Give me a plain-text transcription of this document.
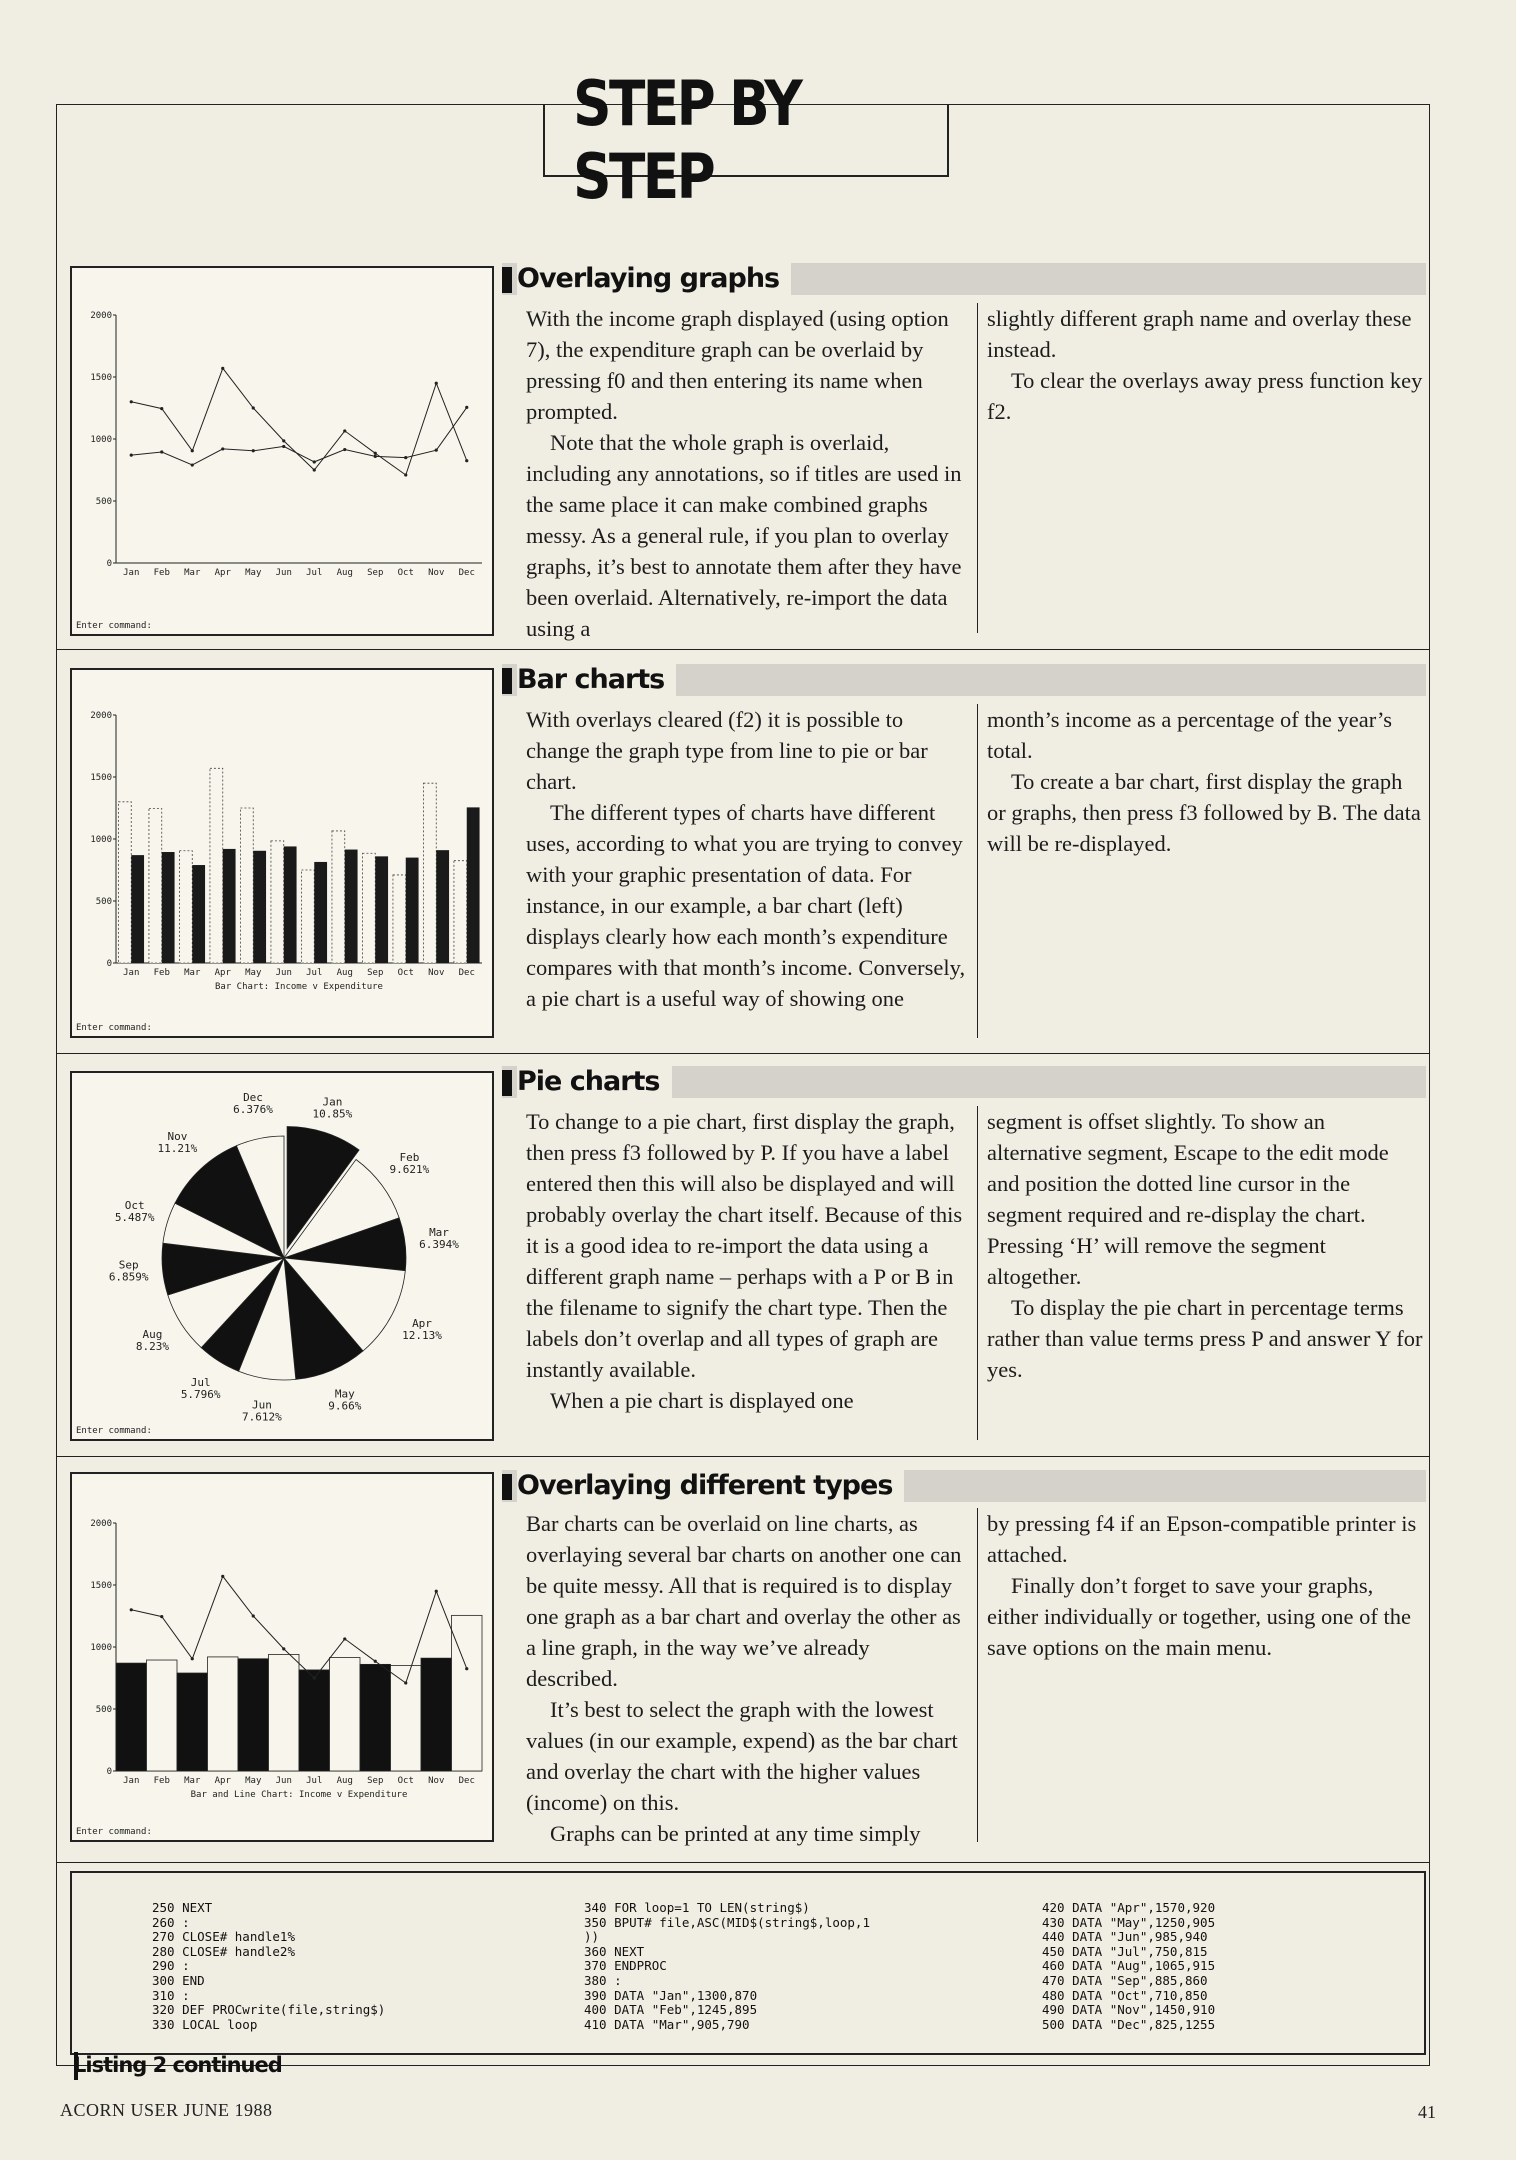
STEP BY STEP
0
500
1000
1500
2000
Jan Feb Mar Apr May Jun Jul Aug Sep Oct Nov Dec
Enter command:
Overlaying graphs

With the income graph displayed (using option 7), the expenditure graph can be overlaid by pressing f0 and then entering its name when prompted.

Note that the whole graph is overlaid, including any annotations, so if titles are used in the same place it can make combined graphs messy. As a general rule, if you plan to overlay graphs, it’s best to annotate them after they have been overlaid. Alternatively, re-import the data using a

slightly different graph name and overlay these instead.

To clear the overlays away press function key f2.

0
500
1000
1500
2000
Jan Feb Mar Apr May Jun Jul Aug Sep Oct Nov Dec
Bar Chart: Income v Expenditure
Enter command:
Bar charts

With overlays cleared (f2) it is possible to change the graph type from line to pie or bar chart.

The different types of charts have different uses, according to what you are trying to convey with your graphic presentation of data. For instance, in our example, a bar chart (left) displays clearly how each month’s expenditure compares with that month’s income. Conversely, a pie chart is a useful way of showing one

month’s income as a percentage of the year’s total.

To create a bar chart, first display the graph or graphs, then press f3 followed by B. The data will be re-displayed.

Jan
10.85%
Feb
9.621%
Mar
6.394%
Apr
12.13%
May
9.66%
Jun
7.612%
Jul
5.796%
Aug
8.23%
Sep
6.859%
Oct
5.487%
Nov
11.21%
Dec
6.376%
Enter command:
Pie charts

To change to a pie chart, first display the graph, then press f3 followed by P. If you have a label entered then this will also be displayed and will probably overlay the chart itself. Because of this it is a good idea to re-import the data using a different graph name – perhaps with a P or B in the filename to signify the chart type. Then the labels don’t overlap and all types of graph are instantly available.

When a pie chart is displayed one

segment is offset slightly. To show an alternative segment, Escape to the edit mode and position the dotted line cursor in the segment required and re-display the chart. Pressing ‘H’ will remove the segment altogether.

To display the pie chart in percentage terms rather than value terms press P and answer Y for yes.

0
500
1000
1500
2000
Jan Feb Mar Apr May Jun Jul Aug Sep Oct Nov Dec
Bar and Line Chart: Income v Expenditure
Enter command:
Overlaying different types

Bar charts can be overlaid on line charts, as overlaying several bar charts on another one can be quite messy. All that is required is to display one graph as a bar chart and overlay the other as a line graph, in the way we’ve already described.

It’s best to select the graph with the lowest values (in our example, expend) as the bar chart and overlay the chart with the higher values (income) on this.

Graphs can be printed at any time simply

by pressing f4 if an Epson-compatible printer is attached.

Finally don’t forget to save your graphs, either individually or together, using one of the save options on the main menu.

250 NEXT
260 :
270 CLOSE# handle1%
280 CLOSE# handle2%
290 :
300 END
310 :
320 DEF PROCwrite(file,string$)
330 LOCAL loop
340 FOR loop=1 TO LEN(string$)
350 BPUT# file,ASC(MID$(string$,loop,1
))
360 NEXT
370 ENDPROC
380 :
390 DATA "Jan",1300,870
400 DATA "Feb",1245,895
410 DATA "Mar",905,790
420 DATA "Apr",1570,920
430 DATA "May",1250,905
440 DATA "Jun",985,940
450 DATA "Jul",750,815
460 DATA "Aug",1065,915
470 DATA "Sep",885,860
480 DATA "Oct",710,850
490 DATA "Nov",1450,910
500 DATA "Dec",825,1255
Listing 2 continued
ACORN USER JUNE 1988	41
